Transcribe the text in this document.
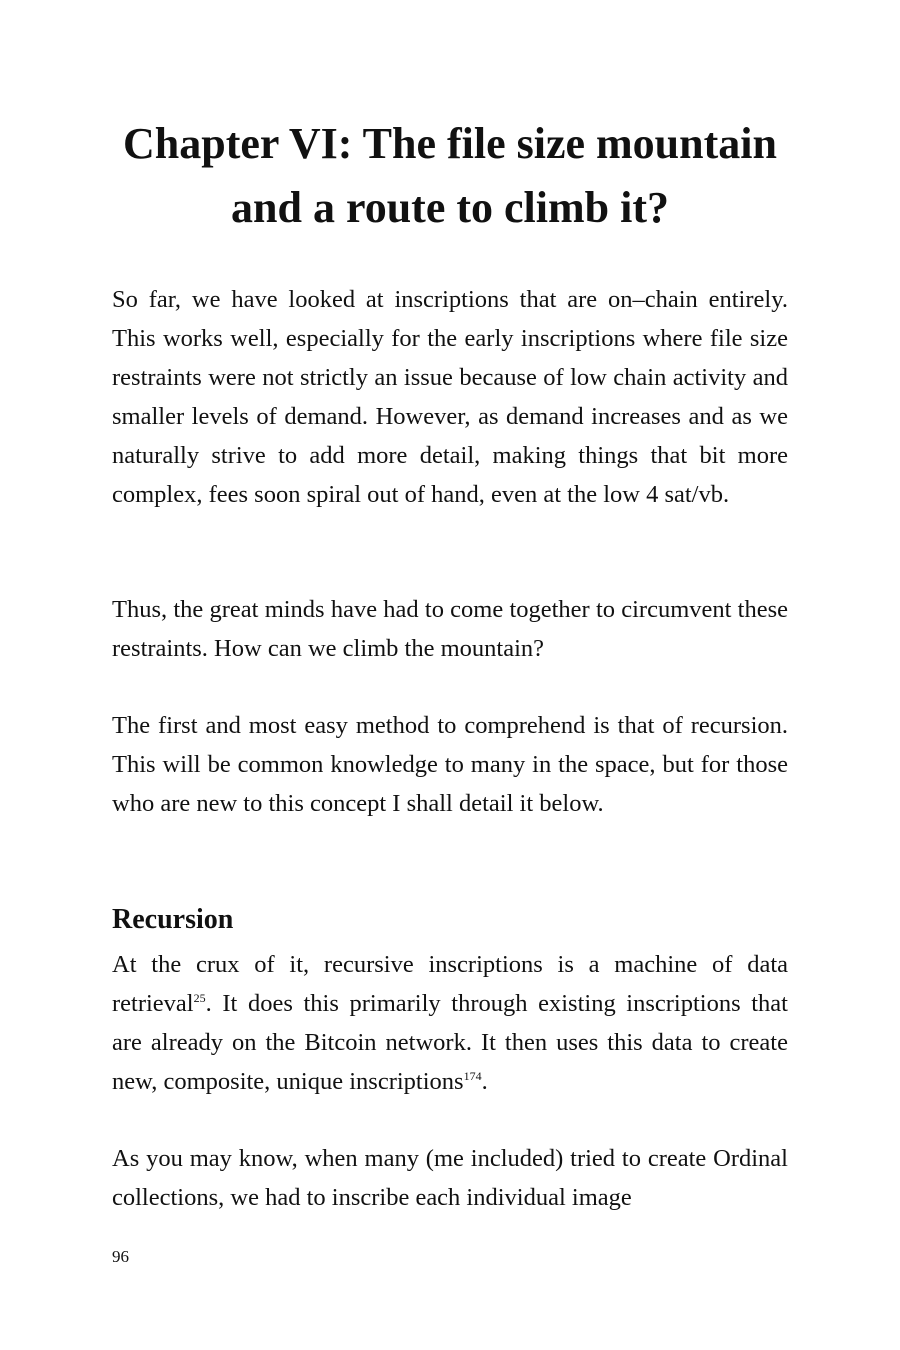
Chapter VI: The file size mountain
and a route to climb it?

So far, we have looked at inscriptions that are on–chain entirely. This works well, especially for the early inscriptions where file size restraints were not strictly an issue because of low chain activity and smaller levels of demand. However, as demand increases and as we naturally strive to add more detail, making things that bit more complex, fees soon spiral out of hand, even at the low 4 sat/vb.

Thus, the great minds have had to come together to circumvent these restraints. How can we climb the mountain?

The first and most easy method to comprehend is that of recursion. This will be common knowledge to many in the space, but for those who are new to this concept I shall detail it below.

Recursion

At the crux of it, recursive inscriptions is a machine of data retrieval$^{25}$. It does this primarily through existing inscriptions that are already on the Bitcoin network. It then uses this data to create new, composite, unique inscriptions$^{174}$.

As you may know, when many (me included) tried to create Ordinal collections, we had to inscribe each individual image

96
